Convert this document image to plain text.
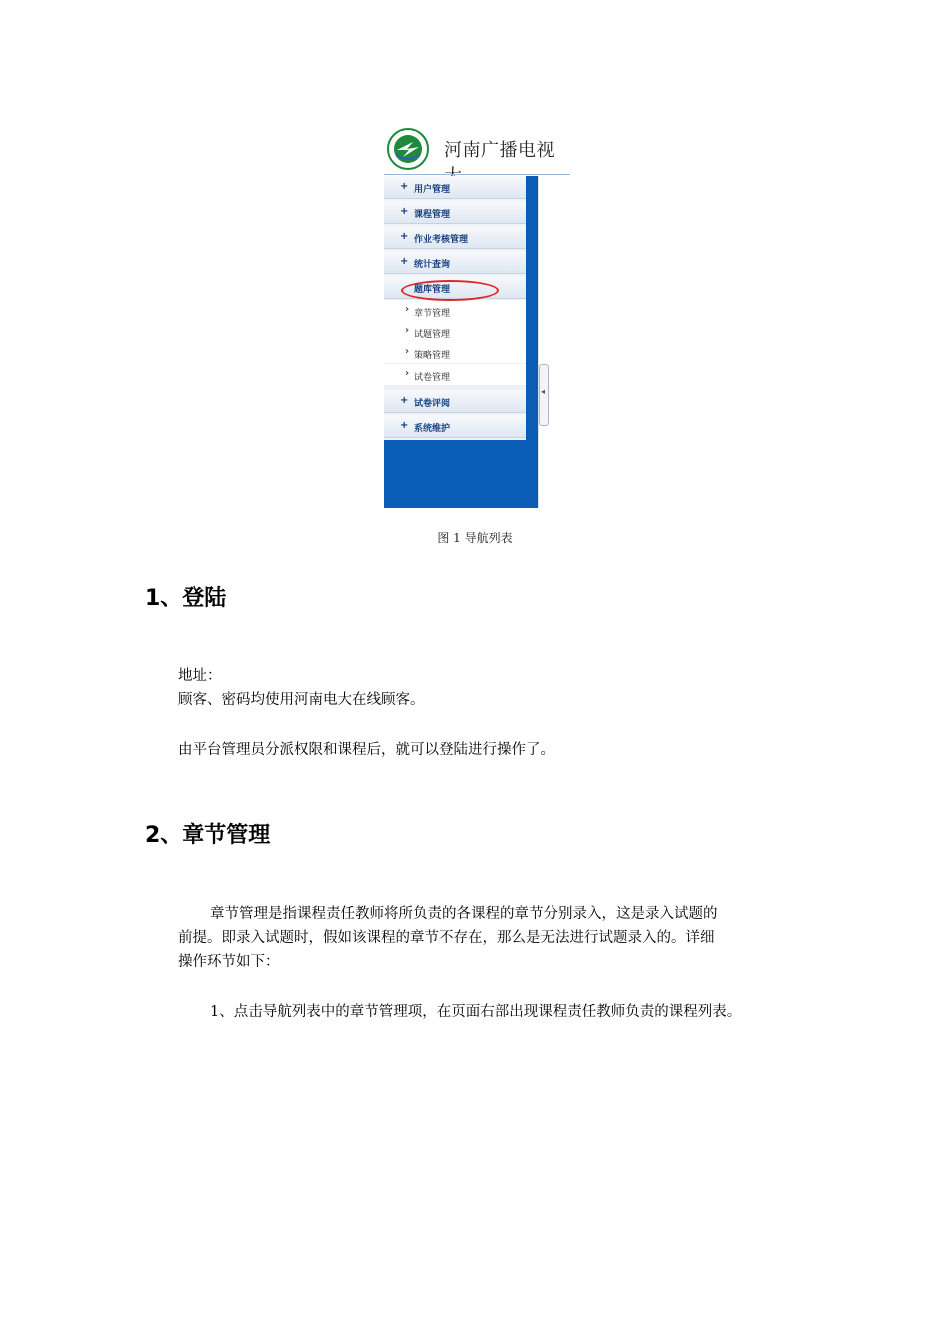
河南广播电视
+ 用户管理
+ 课程管理
+ 作业考核管理
+ 统计查询
题库管理
› 章节管理
› 试题管理
› 策略管理
› 试卷管理
+ 试卷评阅
+ 系统维护
◂
图 1 导航列表
1、登陆
地址：
顾客、密码均使用河南电大在线顾客。
由平台管理员分派权限和课程后，就可以登陆进行操作了。
2、章节管理
章节管理是指课程责任教师将所负责的各课程的章节分别录入，这是录入试题的
前提。即录入试题时，假如该课程的章节不存在，那么是无法进行试题录入的。详细
操作环节如下：
1、点击导航列表中的章节管理项，在页面右部出现课程责任教师负责的课程列表。
